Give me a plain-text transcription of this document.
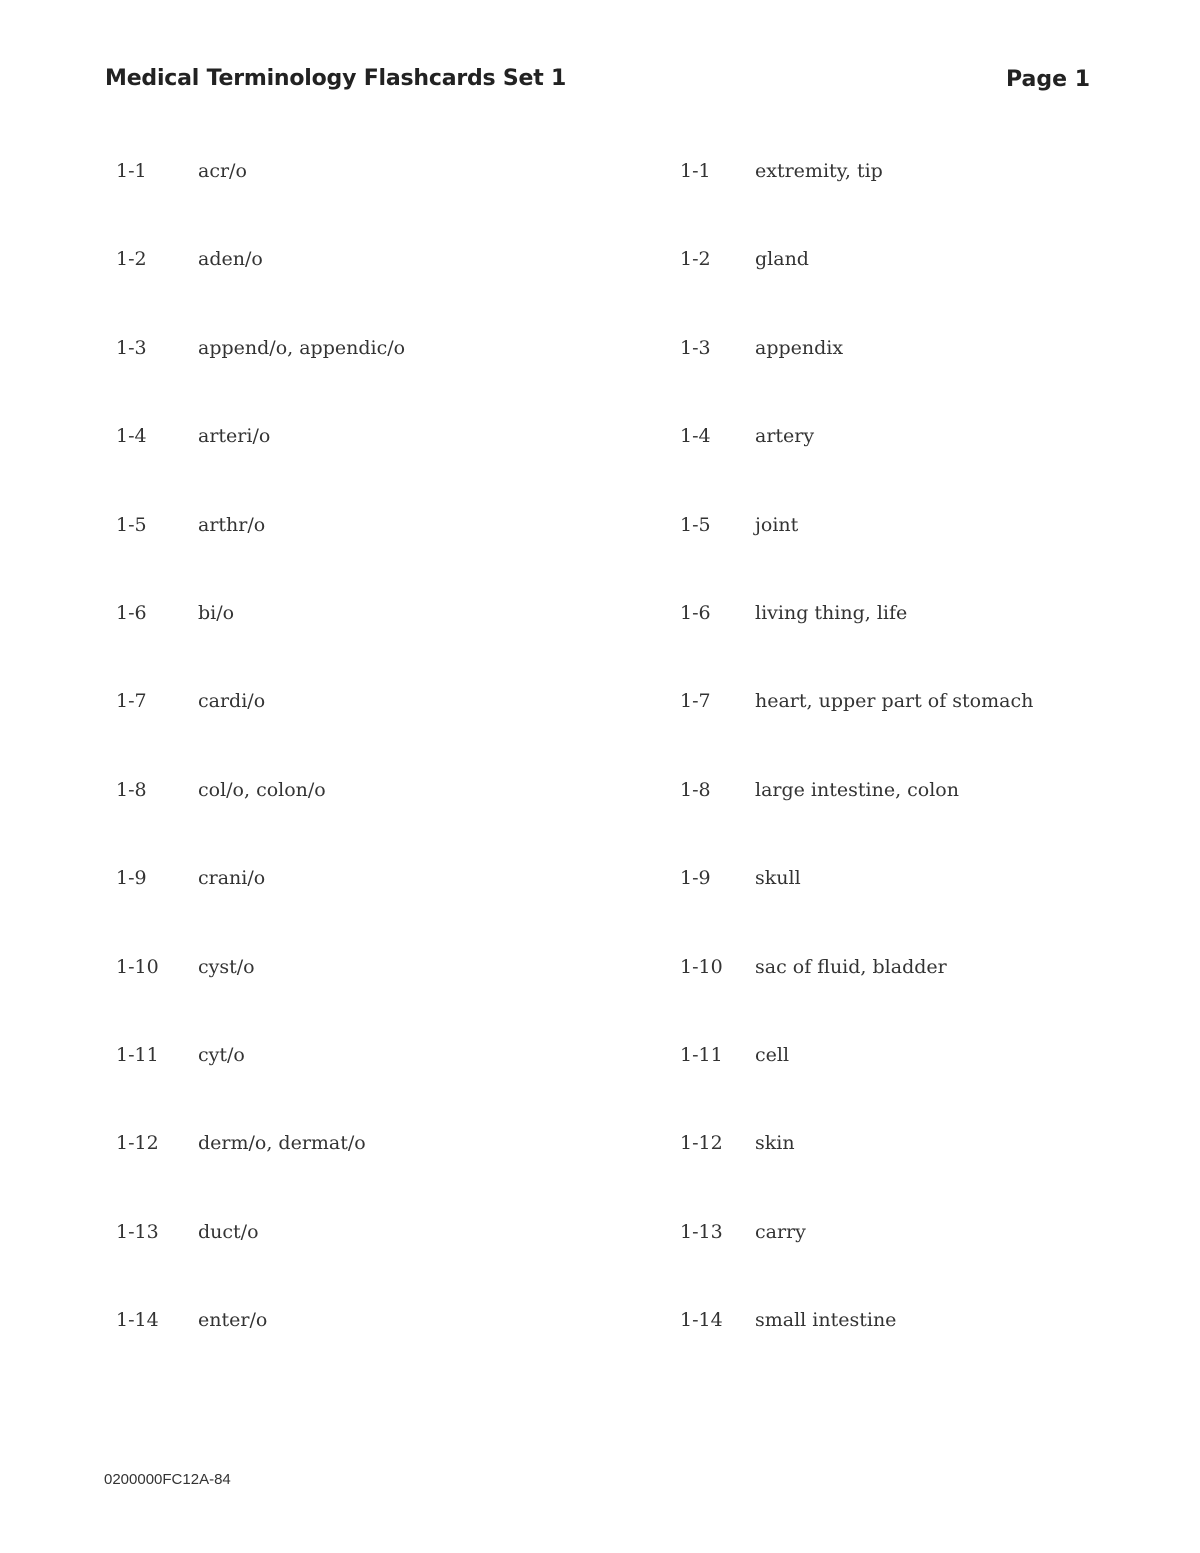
Medical Terminology Flashcards Set 1	Page 1
1-1	acr/o	1-1 extremity, tip
1-2	aden/o	1-2 gland
1-3	append/o, appendic/o	1-3 appendix
1-4	arteri/o	1-4 artery
1-5	arthr/o	1-5 joint
1-6	bi/o	1-6 living thing, life
1-7	cardi/o	1-7 heart, upper part of stomach
1-8	col/o, colon/o	1-8 large intestine, colon
1-9	crani/o	1-9 skull
1-10 cyst/o	1-10 sac of fluid, bladder
1-11 cyt/o	1-11 cell
1-12 derm/o, dermat/o	1-12 skin
1-13 duct/o	1-13 carry
1-14 enter/o	1-14 small intestine
0200000FC12A-84
